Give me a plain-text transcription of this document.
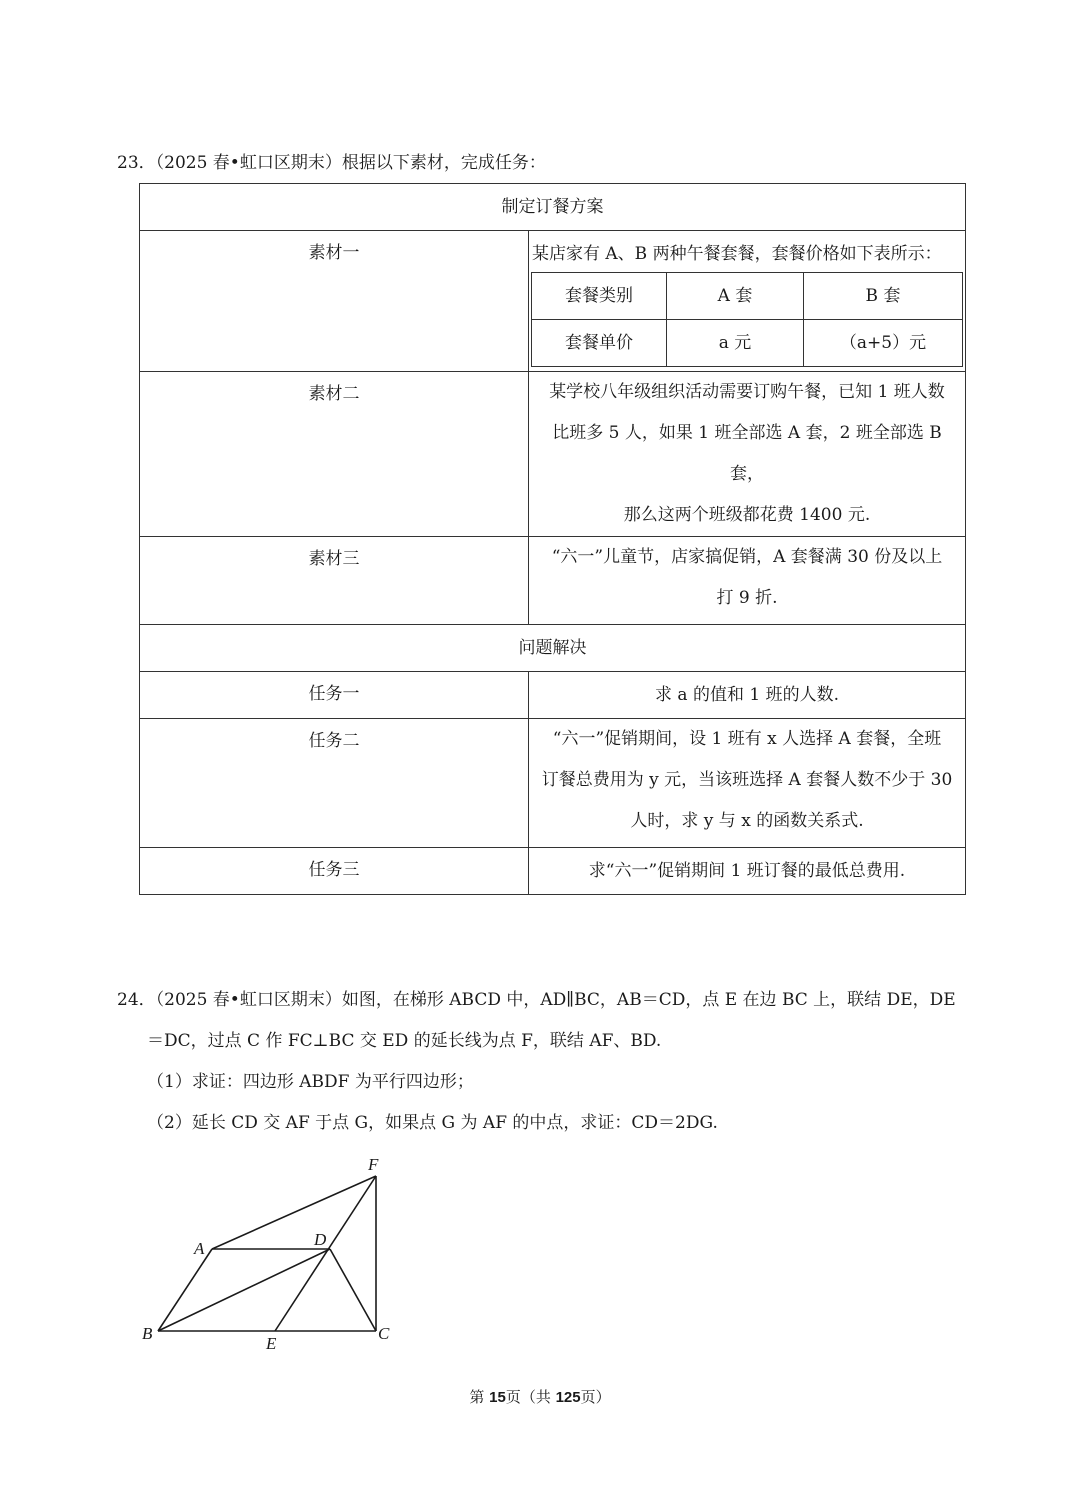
23．（2025 春•虹口区期末）根据以下素材，完成任务：
制定订餐方案

素材一	某店家有 A、B 两种午餐套餐，套餐价格如下表所示：
套餐类别	A 套	B 套
套餐单价	a 元	（a+5）元

素材二	某学校八年级组织活动需要订购午餐，已知 1 班人数

比班多 5 人，如果 1 班全部选 A 套，2 班全部选 B 套，

那么这两个班级都花费 1400 元.

素材三	“六一”儿童节，店家搞促销，A 套餐满 30 份及以上

打 9 折.

问题解决

任务一	求 a 的值和 1 班的人数.

任务二	“六一”促销期间，设 1 班有 x 人选择 A 套餐，全班

订餐总费用为 y 元，当该班选择 A 套餐人数不少于 30

人时，求 y 与 x 的函数关系式.

任务三	求“六一”促销期间 1 班订餐的最低总费用.
24．（2025 春•虹口区期末）如图，在梯形 ABCD 中，AD∥BC，AB＝CD，点 E 在边 BC 上，联结 DE，DE
＝DC，过点 C 作 FC⊥BC 交 ED 的延长线为点 F，联结 AF、BD.
（1）求证：四边形 ABDF 为平行四边形；
（2）延长 CD 交 AF 于点 G，如果点 G 为 AF 的中点，求证：CD＝2DG.
F
A	D
B
E
C
第 15页（共 125页）
